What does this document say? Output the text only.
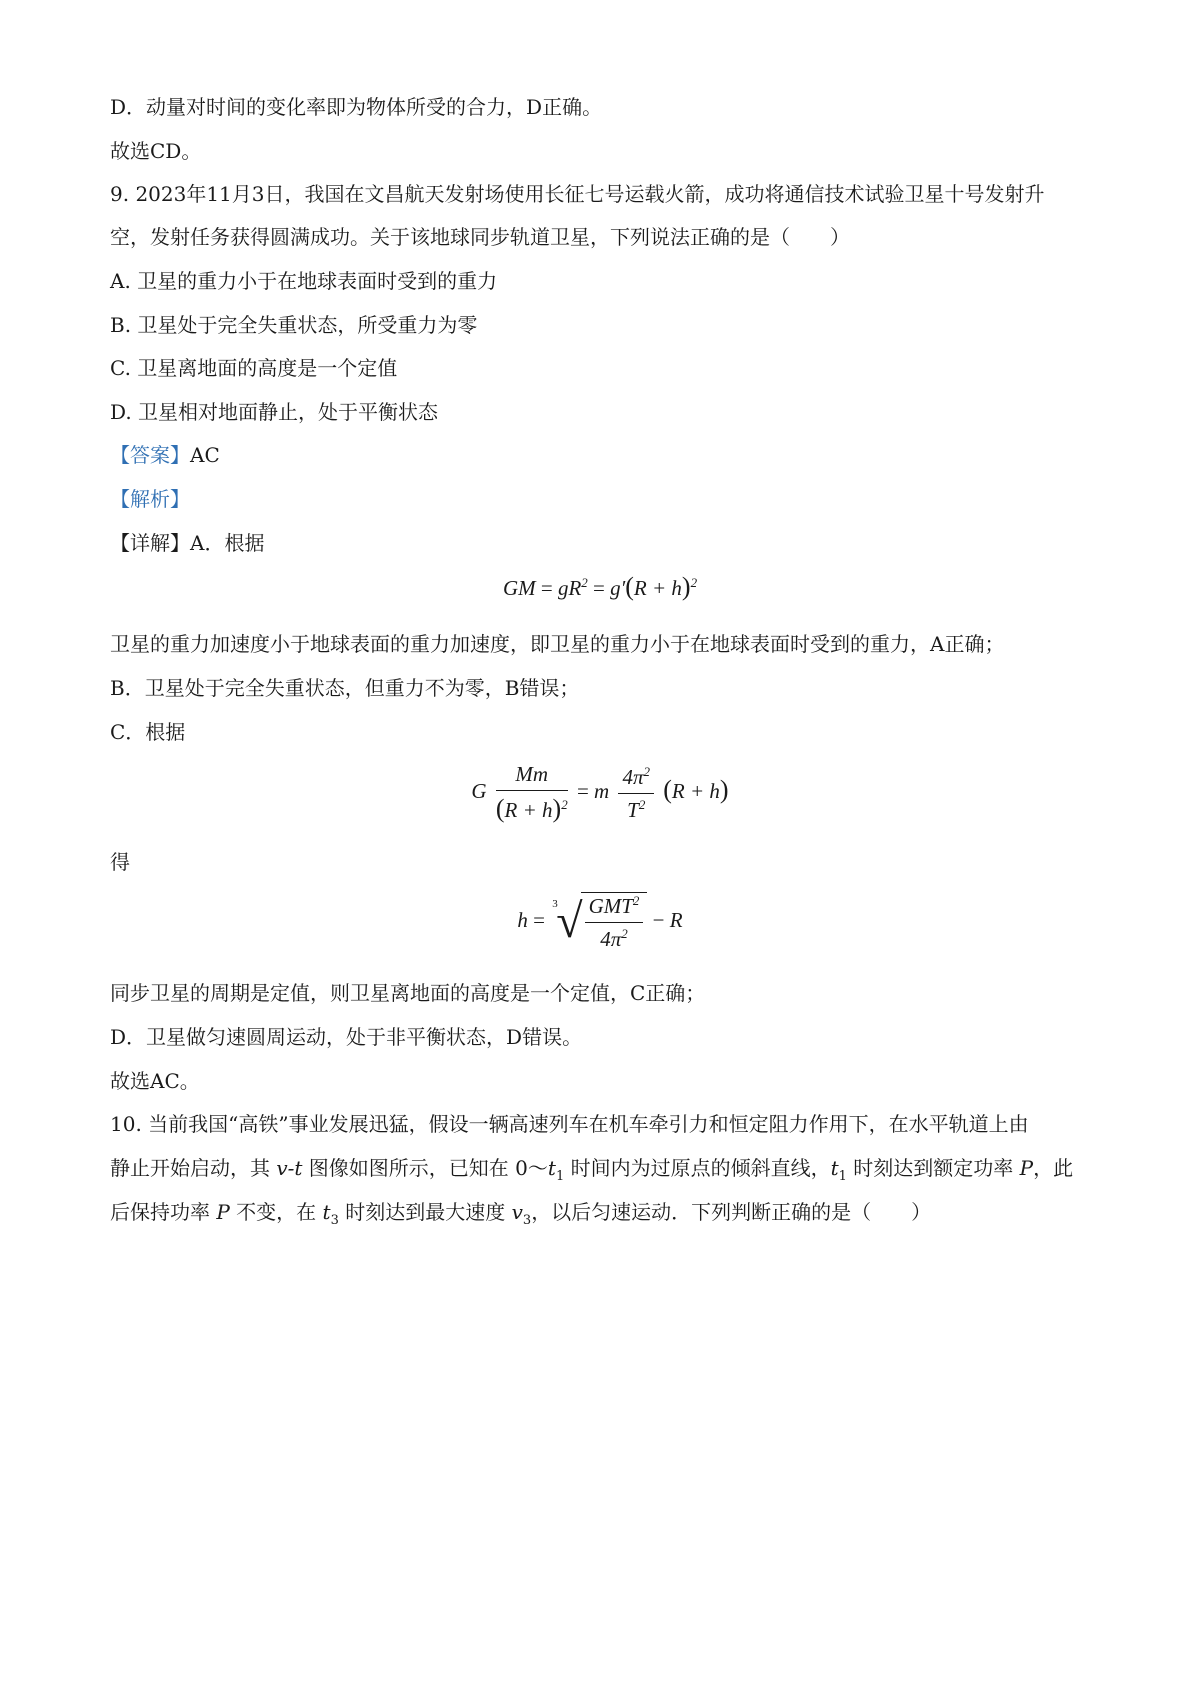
D．动量对时间的变化率即为物体所受的合力，D正确。
故选CD。
9. 2023年11月3日，我国在文昌航天发射场使用长征七号运载火箭，成功将通信技术试验卫星十号发射升
空，发射任务获得圆满成功。关于该地球同步轨道卫星，下列说法正确的是（　　）
A. 卫星的重力小于在地球表面时受到的重力
B. 卫星处于完全失重状态，所受重力为零
C. 卫星离地面的高度是一个定值
D. 卫星相对地面静止，处于平衡状态
【答案】AC
【解析】
【详解】A．根据
GM = $gR^2 = g'(R + h)^2$
卫星的重力加速度小于地球表面的重力加速度，即卫星的重力小于在地球表面时受到的重力，A正确；
B．卫星处于完全失重状态，但重力不为零，B错误；
C．根据
G $\frac{Mm}{(R + h)^2} = m \frac{4\pi^2}{T^2} (R + h)$
得
h =
3
√ $\frac{GMT^2}{4\pi^2} - R$
同步卫星的周期是定值，则卫星离地面的高度是一个定值，C正确；
D．卫星做匀速圆周运动，处于非平衡状态，D错误。
故选AC。
10. 当前我国“高铁”事业发展迅猛，假设一辆高速列车在机车牵引力和恒定阻力作用下，在水平轨道上由
静止开始启动，其 v-t 图像如图所示，已知在 $0\sim t_1$ 时间内为过原点的倾斜直线，$t_1$ 时刻达到额定功率 P，此
后保持功率 P 不变，在 $t_3$ 时刻达到最大速度 $v_3$，以后匀速运动．下列判断正确的是（　　）
